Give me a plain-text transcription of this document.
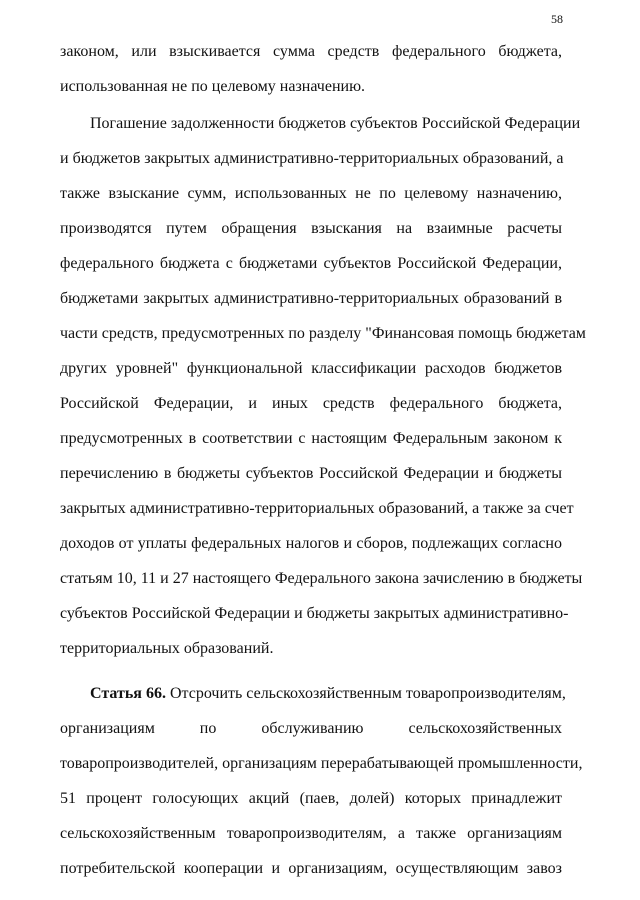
58
законом, или взыскивается сумма средств федерального бюджета,
использованная не по целевому назначению.
Погашение задолженности бюджетов субъектов Российской Федерации
и бюджетов закрытых административно-территориальных образований, а
также взыскание сумм, использованных не по целевому назначению,
производятся путем обращения взыскания на взаимные расчеты
федерального бюджета с бюджетами субъектов Российской Федерации,
бюджетами закрытых административно-территориальных образований в
части средств, предусмотренных по разделу "Финансовая помощь бюджетам
других уровней" функциональной классификации расходов бюджетов
Российской Федерации, и иных средств федерального бюджета,
предусмотренных в соответствии с настоящим Федеральным законом к
перечислению в бюджеты субъектов Российской Федерации и бюджеты
закрытых административно-территориальных образований, а также за счет
доходов от уплаты федеральных налогов и сборов, подлежащих согласно
статьям 10, 11 и 27 настоящего Федерального закона зачислению в бюджеты
субъектов Российской Федерации и бюджеты закрытых административно-
территориальных образований.
Статья 66. Отсрочить сельскохозяйственным товаропроизводителям,
организациям по обслуживанию сельскохозяйственных
товаропроизводителей, организациям перерабатывающей промышленности,
51 процент голосующих акций (паев, долей) которых принадлежит
сельскохозяйственным товаропроизводителям, а также организациям
потребительской кооперации и организациям, осуществляющим завоз
